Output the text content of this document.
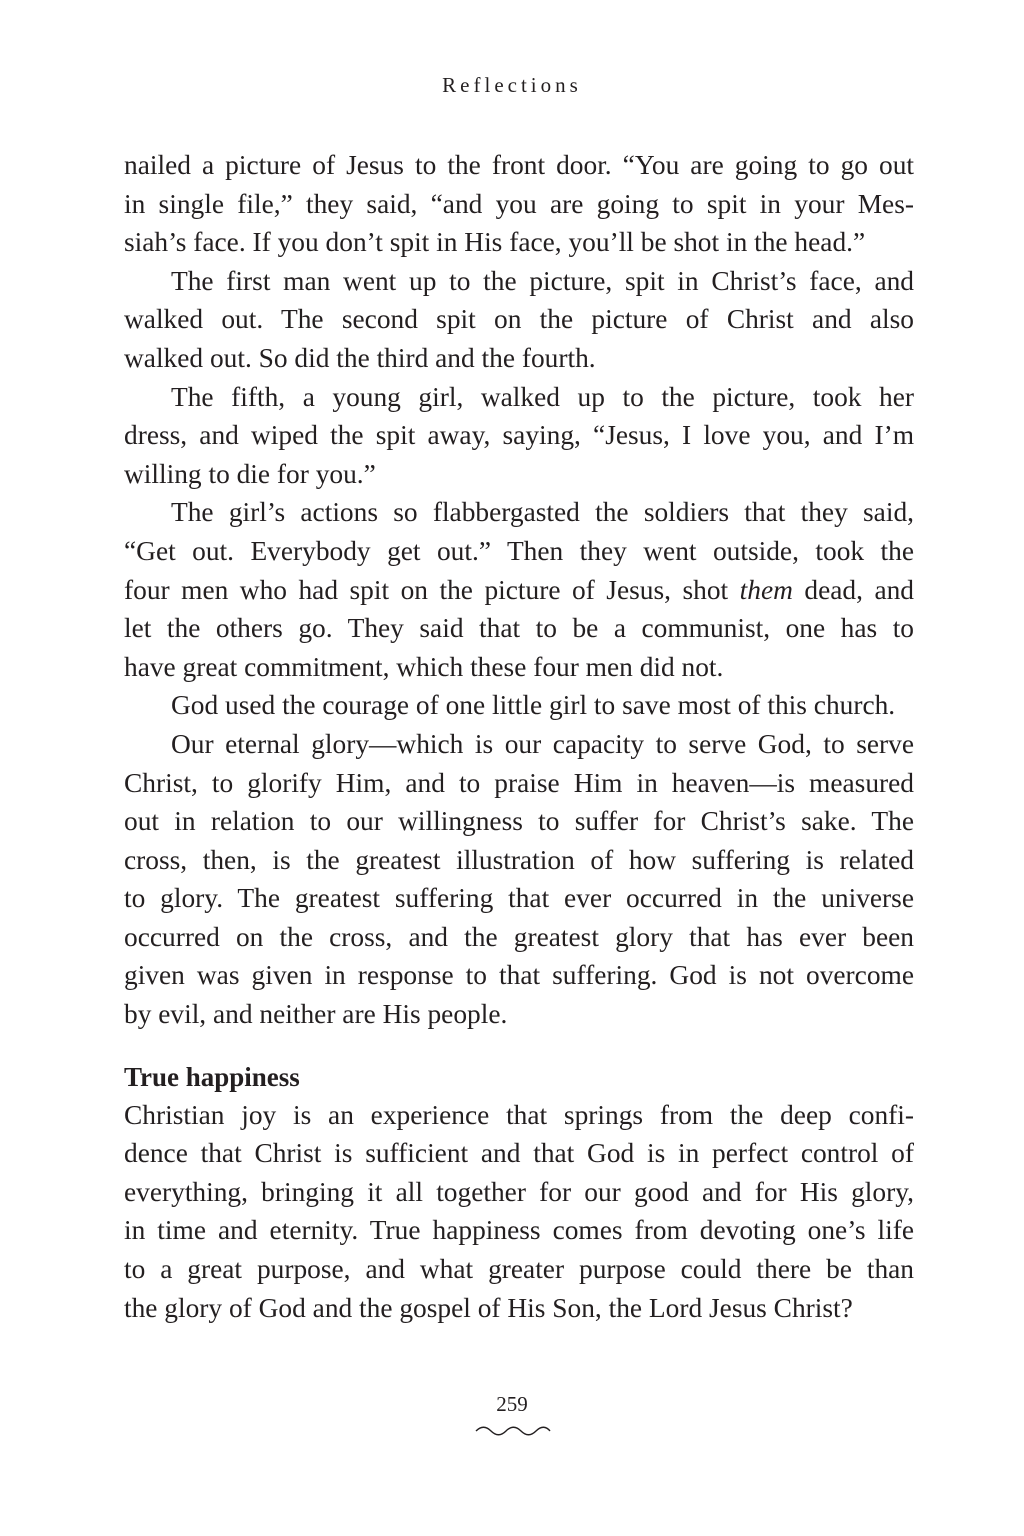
Reflections
nailed a picture of Jesus to the front door. “You are going to go out
in single file,” they said, “and you are going to spit in your Mes-
siah’s face. If you don’t spit in His face, you’ll be shot in the head.”
The first man went up to the picture, spit in Christ’s face, and
walked out. The second spit on the picture of Christ and also
walked out. So did the third and the fourth.
The fifth, a young girl, walked up to the picture, took her
dress, and wiped the spit away, saying, “Jesus, I love you, and I’m
willing to die for you.”
The girl’s actions so flabbergasted the soldiers that they said,
“Get out. Everybody get out.” Then they went outside, took the
four men who had spit on the picture of Jesus, shot them dead, and
let the others go. They said that to be a communist, one has to
have great commitment, which these four men did not.
God used the courage of one little girl to save most of this church.
Our eternal glory—which is our capacity to serve God, to serve
Christ, to glorify Him, and to praise Him in heaven—is measured
out in relation to our willingness to suffer for Christ’s sake. The
cross, then, is the greatest illustration of how suffering is related
to glory. The greatest suffering that ever occurred in the universe
occurred on the cross, and the greatest glory that has ever been
given was given in response to that suffering. God is not overcome
by evil, and neither are His people.
True happiness
Christian joy is an experience that springs from the deep confi-
dence that Christ is sufficient and that God is in perfect control of
everything, bringing it all together for our good and for His glory,
in time and eternity. True happiness comes from devoting one’s life
to a great purpose, and what greater purpose could there be than
the glory of God and the gospel of His Son, the Lord Jesus Christ?
259
